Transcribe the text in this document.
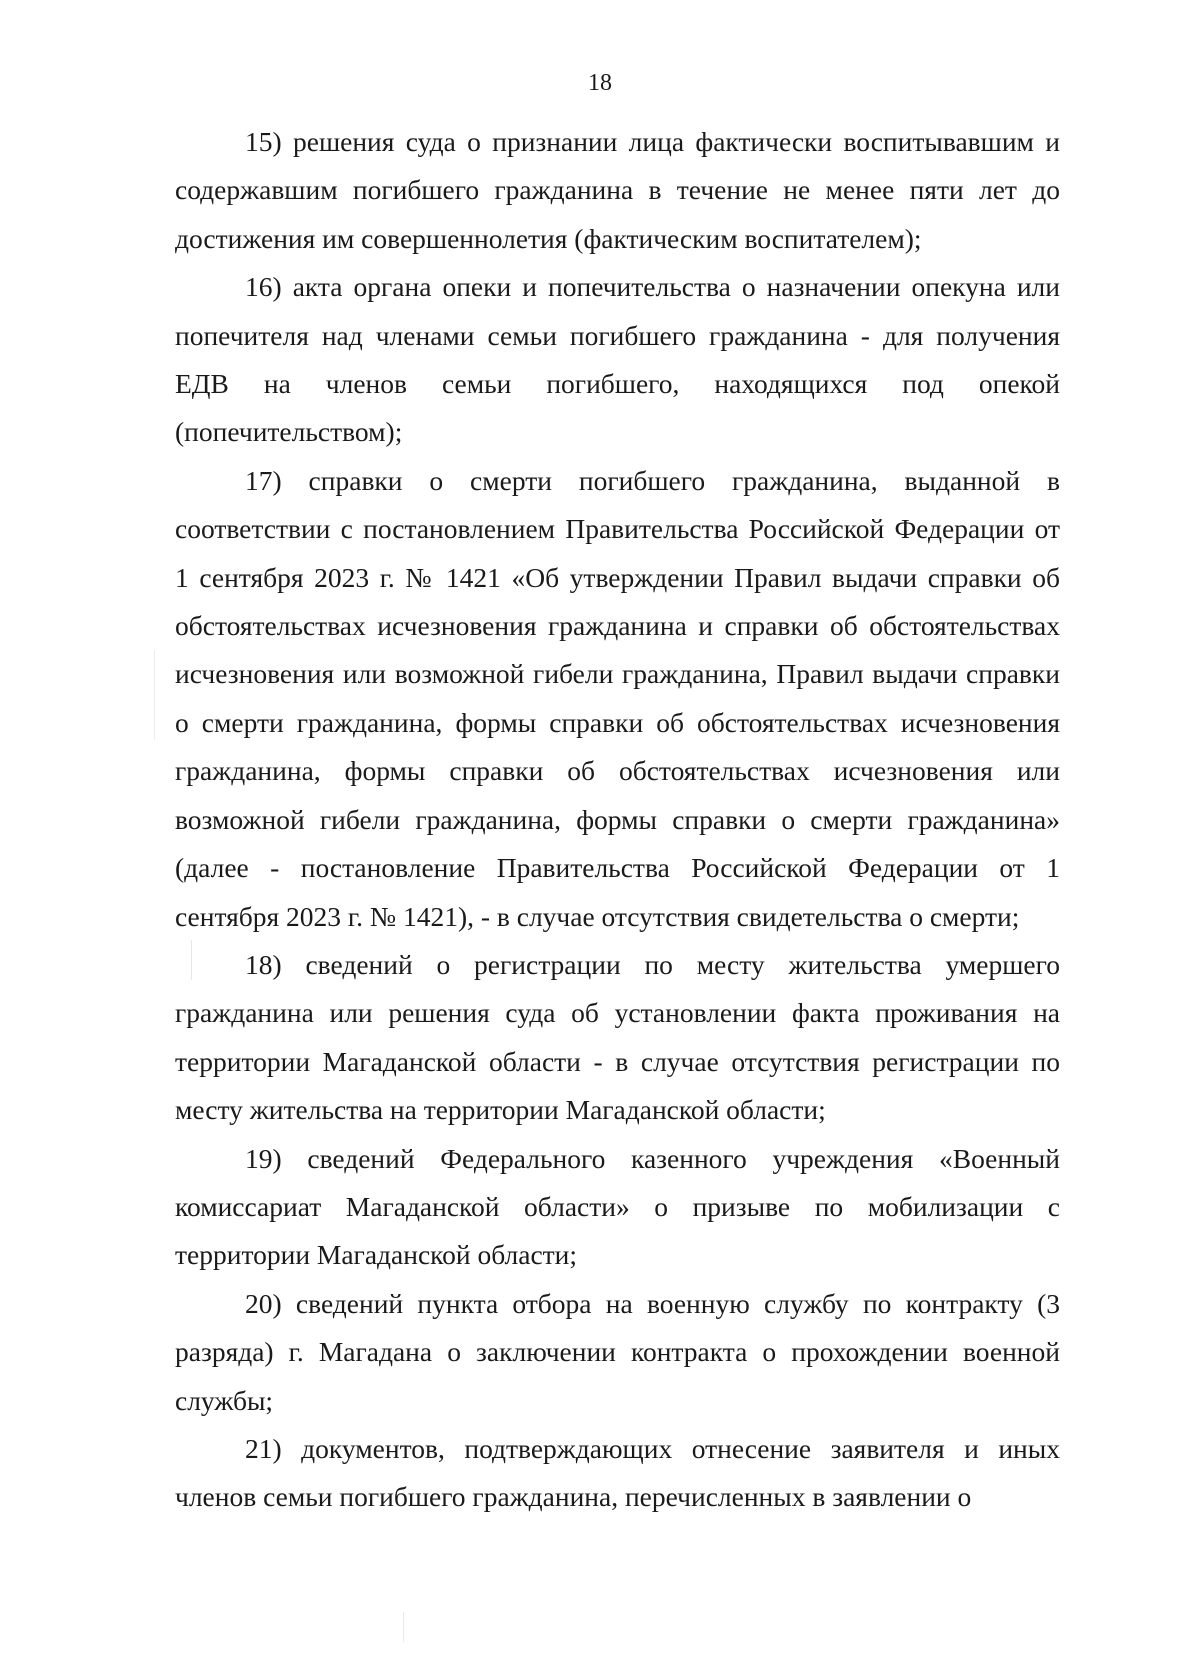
18

15) решения суда о признании лица фактически воспитывавшим и содержавшим погибшего гражданина в течение не менее пяти лет до достижения им совершеннолетия (фактическим воспитателем);

16) акта органа опеки и попечительства о назначении опекуна или попечителя над членами семьи погибшего гражданина - для получения ЕДВ на членов семьи погибшего, находящихся под опекой (попечительством);

17) справки о смерти погибшего гражданина, выданной в соответствии с постановлением Правительства Российской Федерации от 1 сентября 2023 г. № 1421 «Об утверждении Правил выдачи справки об обстоятельствах исчезновения гражданина и справки об обстоятельствах исчезновения или возможной гибели гражданина, Правил выдачи справки о смерти гражданина, формы справки об обстоятельствах исчезновения гражданина, формы справки об обстоятельствах исчезновения или возможной гибели гражданина, формы справки о смерти гражданина» (далее - постановление Правительства Российской Федерации от 1 сентября 2023 г. № 1421), - в случае отсутствия свидетельства о смерти;

18) сведений о регистрации по месту жительства умершего гражданина или решения суда об установлении факта проживания на территории Магаданской области - в случае отсутствия регистрации по месту жительства на территории Магаданской области;

19) сведений Федерального казенного учреждения «Военный комиссариат Магаданской области» о призыве по мобилизации с территории Магаданской области;

20) сведений пункта отбора на военную службу по контракту (3 разряда) г. Магадана о заключении контракта о прохождении военной службы;

21) документов, подтверждающих отнесение заявителя и иных членов семьи погибшего гражданина, перечисленных в заявлении о
